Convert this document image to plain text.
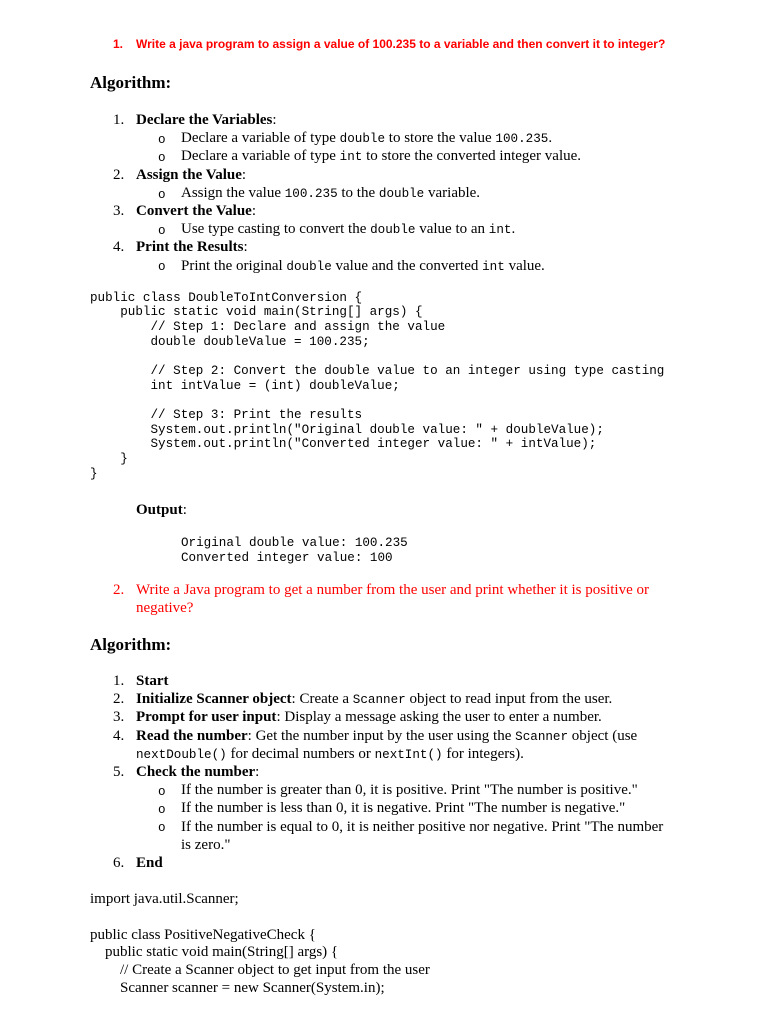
1. Write a java program to assign a value of 100.235 to a variable and then convert it to integer?
Algorithm:
1. Declare the Variables:
o Declare a variable of type double to store the value 100.235.
o Declare a variable of type int to store the converted integer value.
2. Assign the Value:
o Assign the value 100.235 to the double variable.
3. Convert the Value:
o Use type casting to convert the double value to an int.
4. Print the Results:
o Print the original double value and the converted int value.
public class DoubleToIntConversion {
public static void main(String[] args) {
// Step 1: Declare and assign the value
double doubleValue = 100.235;
// Step 2: Convert the double value to an integer using type casting
int intValue = (int) doubleValue;
// Step 3: Print the results
System.out.println("Original double value: " + doubleValue);
System.out.println("Converted integer value: " + intValue);
}
}
Output:
Original double value: 100.235
Converted integer value: 100
2. Write a Java program to get a number from the user and print whether it is positive or negative?
Algorithm:
1. Start
2. Initialize Scanner object: Create a Scanner object to read input from the user.
3. Prompt for user input: Display a message asking the user to enter a number.
4. Read the number: Get the number input by the user using the Scanner object (use nextDouble() for decimal numbers or nextInt() for integers).
5. Check the number:
o If the number is greater than 0, it is positive. Print "The number is positive."
o If the number is less than 0, it is negative. Print "The number is negative."
o If the number is equal to 0, it is neither positive nor negative. Print "The number is zero."
6. End
import java.util.Scanner;
public class PositiveNegativeCheck {
public static void main(String[] args) {
// Create a Scanner object to get input from the user
Scanner scanner = new Scanner(System.in);
